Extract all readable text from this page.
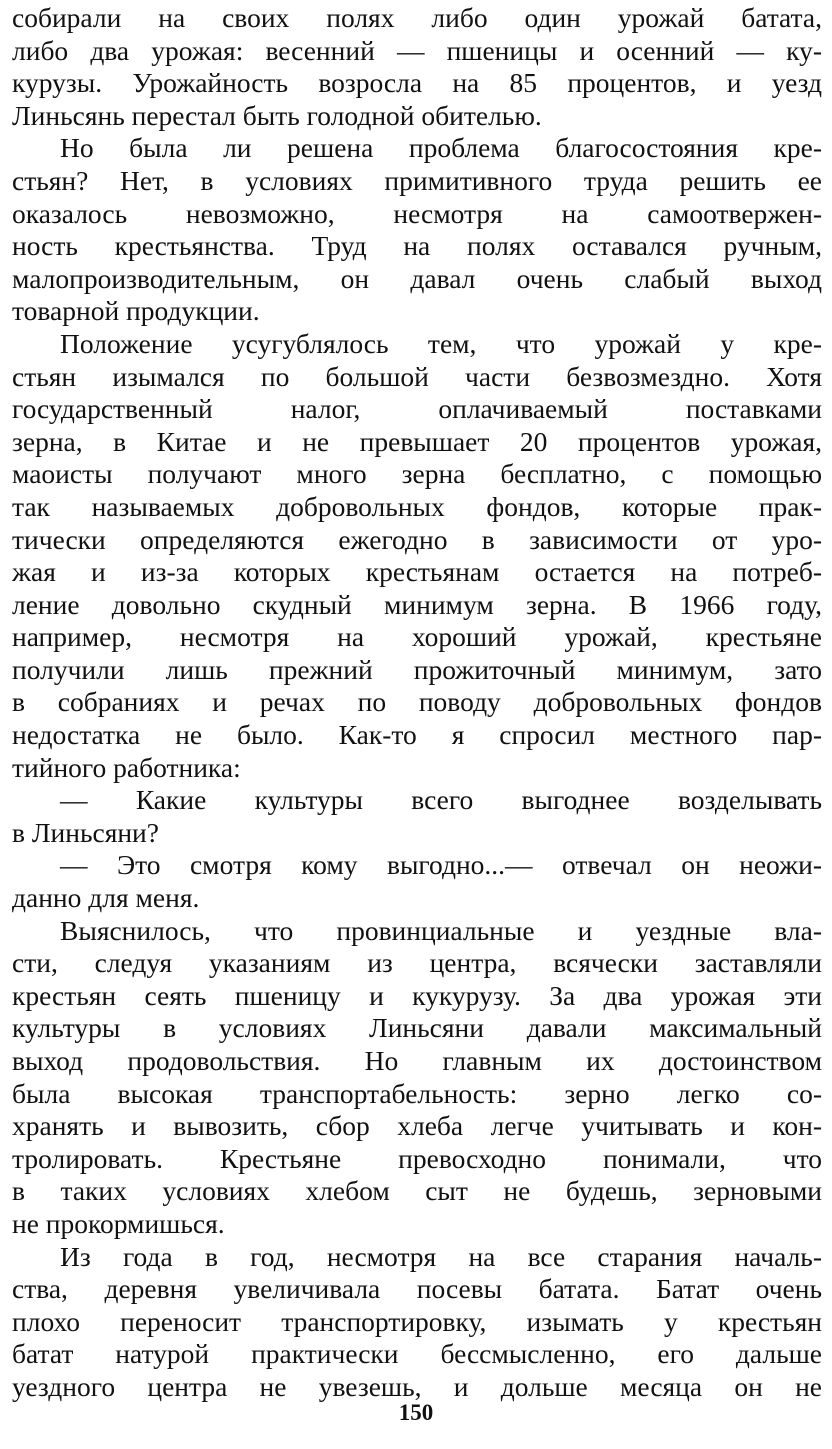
собирали на своих полях либо один урожай батата,
либо два урожая: весенний — пшеницы и осенний — ку-
курузы. Урожайность возросла на 85 процентов, и уезд
Линьсянь перестал быть голодной обителью.
Но была ли решена проблема благосостояния кре-
стьян? Нет, в условиях примитивного труда решить ее
оказалось невозможно, несмотря на самоотвержен-
ность крестьянства. Труд на полях оставался ручным,
малопроизводительным, он давал очень слабый выход
товарной продукции.
Положение усугублялось тем, что урожай у кре-
стьян изымался по большой части безвозмездно. Хотя
государственный налог, оплачиваемый поставками
зерна, в Китае и не превышает 20 процентов урожая,
маоисты получают много зерна бесплатно, с помощью
так называемых добровольных фондов, которые прак-
тически определяются ежегодно в зависимости от уро-
жая и из-за которых крестьянам остается на потреб-
ление довольно скудный минимум зерна. В 1966 году,
например, несмотря на хороший урожай, крестьяне
получили лишь прежний прожиточный минимум, зато
в собраниях и речах по поводу добровольных фондов
недостатка не было. Как-то я спросил местного пар-
тийного работника:
— Какие культуры всего выгоднее возделывать
в Линьсяни?
— Это смотря кому выгодно...— отвечал он неожи-
данно для меня.
Выяснилось, что провинциальные и уездные вла-
сти, следуя указаниям из центра, всячески заставляли
крестьян сеять пшеницу и кукурузу. За два урожая эти
культуры в условиях Линьсяни давали максимальный
выход продовольствия. Но главным их достоинством
была высокая транспортабельность: зерно легко со-
хранять и вывозить, сбор хлеба легче учитывать и кон-
тролировать. Крестьяне превосходно понимали, что
в таких условиях хлебом сыт не будешь, зерновыми
не прокормишься.
Из года в год, несмотря на все старания началь-
ства, деревня увеличивала посевы батата. Батат очень
плохо переносит транспортировку, изымать у крестьян
батат натурой практически бессмысленно, его дальше
уездного центра не увезешь, и дольше месяца он не
150
